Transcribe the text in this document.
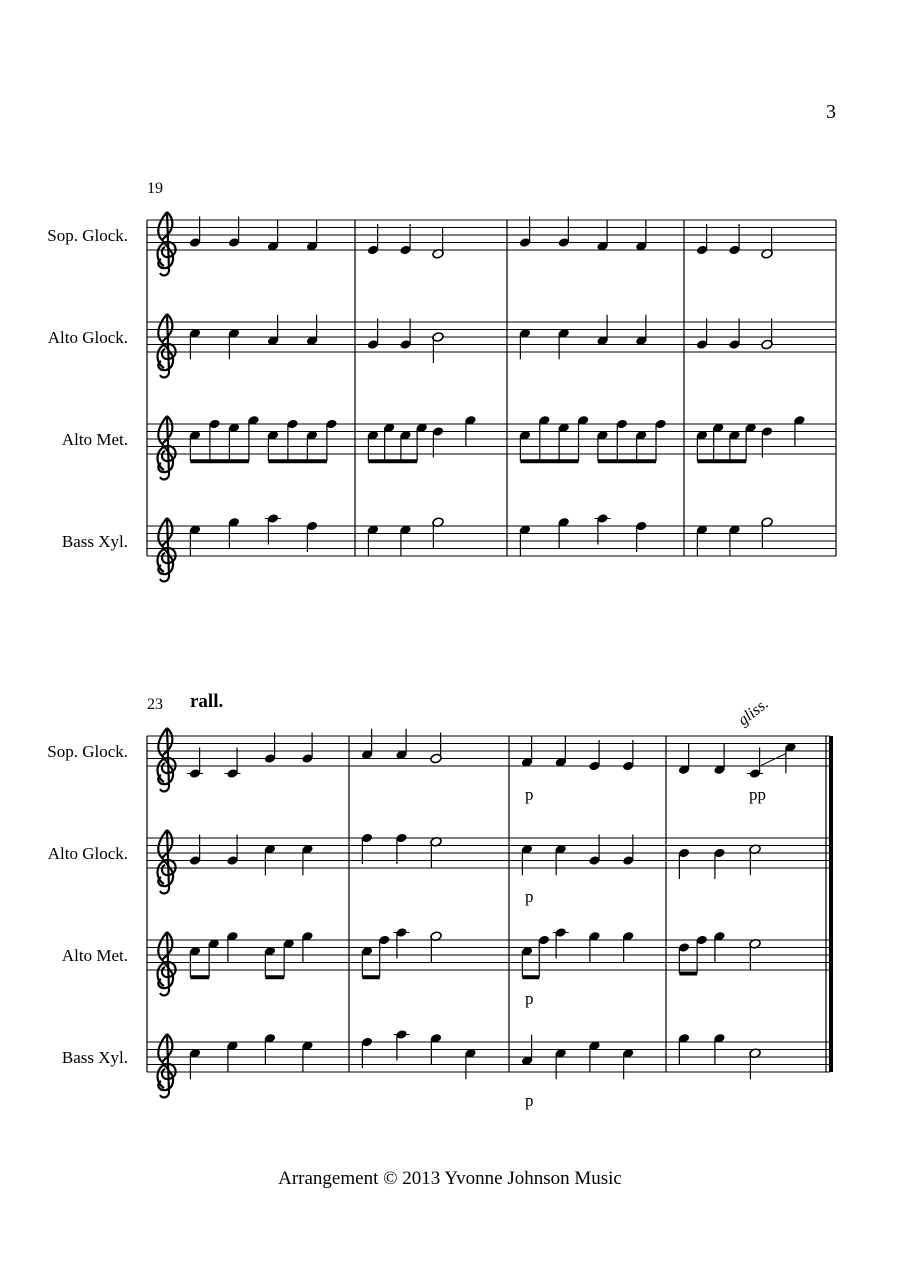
3
19
Sop. Glock.
Alto Glock.
Alto Met.
Bass Xyl.
23 rall.
Sop. Glock.
Alto Glock.
Alto Met.
Bass Xyl.
p
p
p
p
pp
gliss.
Arrangement © 2013 Yvonne Johnson Music
